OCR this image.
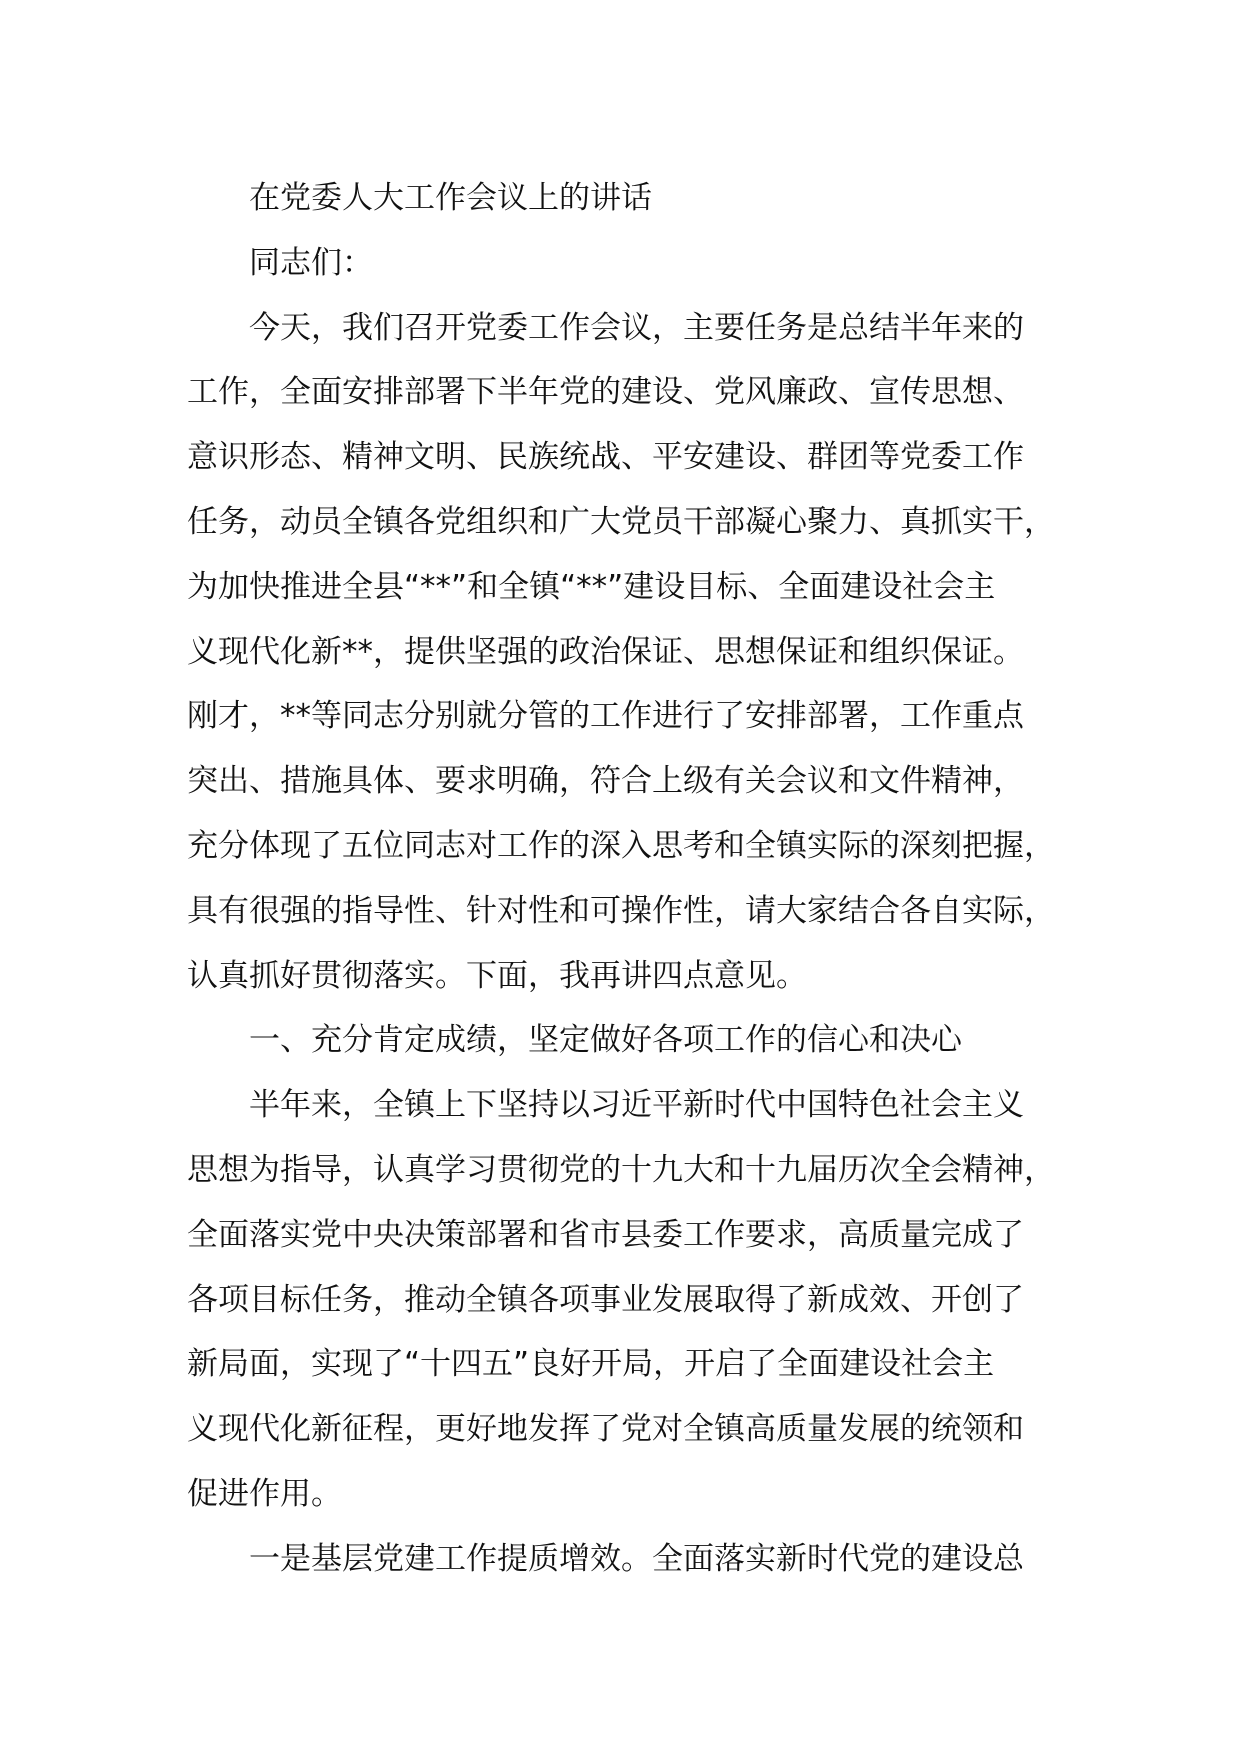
在党委人大工作会议上的讲话
同志们：
今天，我们召开党委工作会议，主要任务是总结半年来的
工作，全面安排部署下半年党的建设、党风廉政、宣传思想、
意识形态、精神文明、民族统战、平安建设、群团等党委工作
任务，动员全镇各党组织和广大党员干部凝心聚力、真抓实干，
为加快推进全县“**”和全镇“**”建设目标、全面建设社会主
义现代化新**，提供坚强的政治保证、思想保证和组织保证。
刚才，**等同志分别就分管的工作进行了安排部署，工作重点
突出、措施具体、要求明确，符合上级有关会议和文件精神，
充分体现了五位同志对工作的深入思考和全镇实际的深刻把握，
具有很强的指导性、针对性和可操作性，请大家结合各自实际，
认真抓好贯彻落实。下面，我再讲四点意见。
一、充分肯定成绩，坚定做好各项工作的信心和决心
半年来，全镇上下坚持以习近平新时代中国特色社会主义
思想为指导，认真学习贯彻党的十九大和十九届历次全会精神，
全面落实党中央决策部署和省市县委工作要求，高质量完成了
各项目标任务，推动全镇各项事业发展取得了新成效、开创了
新局面，实现了“十四五”良好开局，开启了全面建设社会主
义现代化新征程，更好地发挥了党对全镇高质量发展的统领和
促进作用。
一是基层党建工作提质增效。全面落实新时代党的建设总
